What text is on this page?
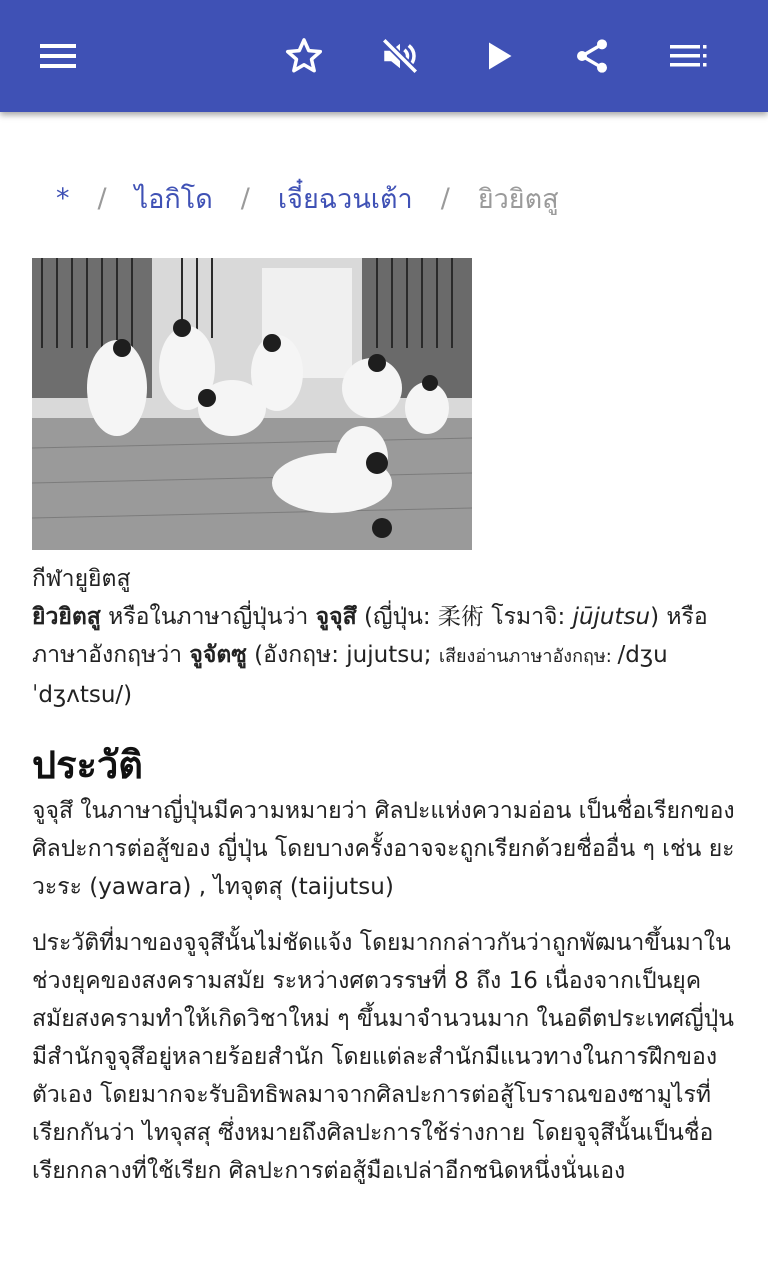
* / ไอกิโด / เจี๋ยฉวนเต้า / ยิวยิตสู
กีฬายูยิตสู
ยิวยิตสู หรือในภาษาญี่ปุ่นว่า จูจุสึ (ญี่ปุ่น: 柔術 โรมาจิ: jūjutsu) หรือภาษาอังกฤษว่า จูจัตซู (อังกฤษ: jujutsu; เสียงอ่านภาษาอังกฤษ: /dʒuˈdʒʌtsu/)
ประวัติ

จูจุสึ ในภาษาญี่ปุ่นมีความหมายว่า ศิลปะแห่งความอ่อน เป็นชื่อเรียกของศิลปะการต่อสู้ของ ญี่ปุ่น โดยบางครั้งอาจจะถูกเรียกด้วยชื่ออื่น ๆ เช่น ยะวะระ (yawara) , ไทจุตสุ (taijutsu)

ประวัติที่มาของจูจุสึนั้นไม่ชัดแจ้ง โดยมากกล่าวกันว่าถูกพัฒนาขึ้นมาในช่วงยุคของสงครามสมัย ระหว่างศตวรรษที่ 8 ถึง 16 เนื่องจากเป็นยุคสมัยสงครามทำให้เกิดวิชาใหม่ ๆ ขึ้นมาจำนวนมาก ในอดีตประเทศญี่ปุ่นมีสำนักจูจุสึอยู่หลายร้อยสำนัก โดยแต่ละสำนักมีแนวทางในการฝึกของตัวเอง โดยมากจะรับอิทธิพลมาจากศิลปะการต่อสู้โบราณของซามูไรที่เรียกกันว่า ไทจุสสุ ซึ่งหมายถึงศิลปะการใช้ร่างกาย โดยจูจุสึนั้นเป็นชื่อเรียกกลางที่ใช้เรียก ศิลปะการต่อสู้มือเปล่าอีกชนิดหนึ่งนั่นเอง
